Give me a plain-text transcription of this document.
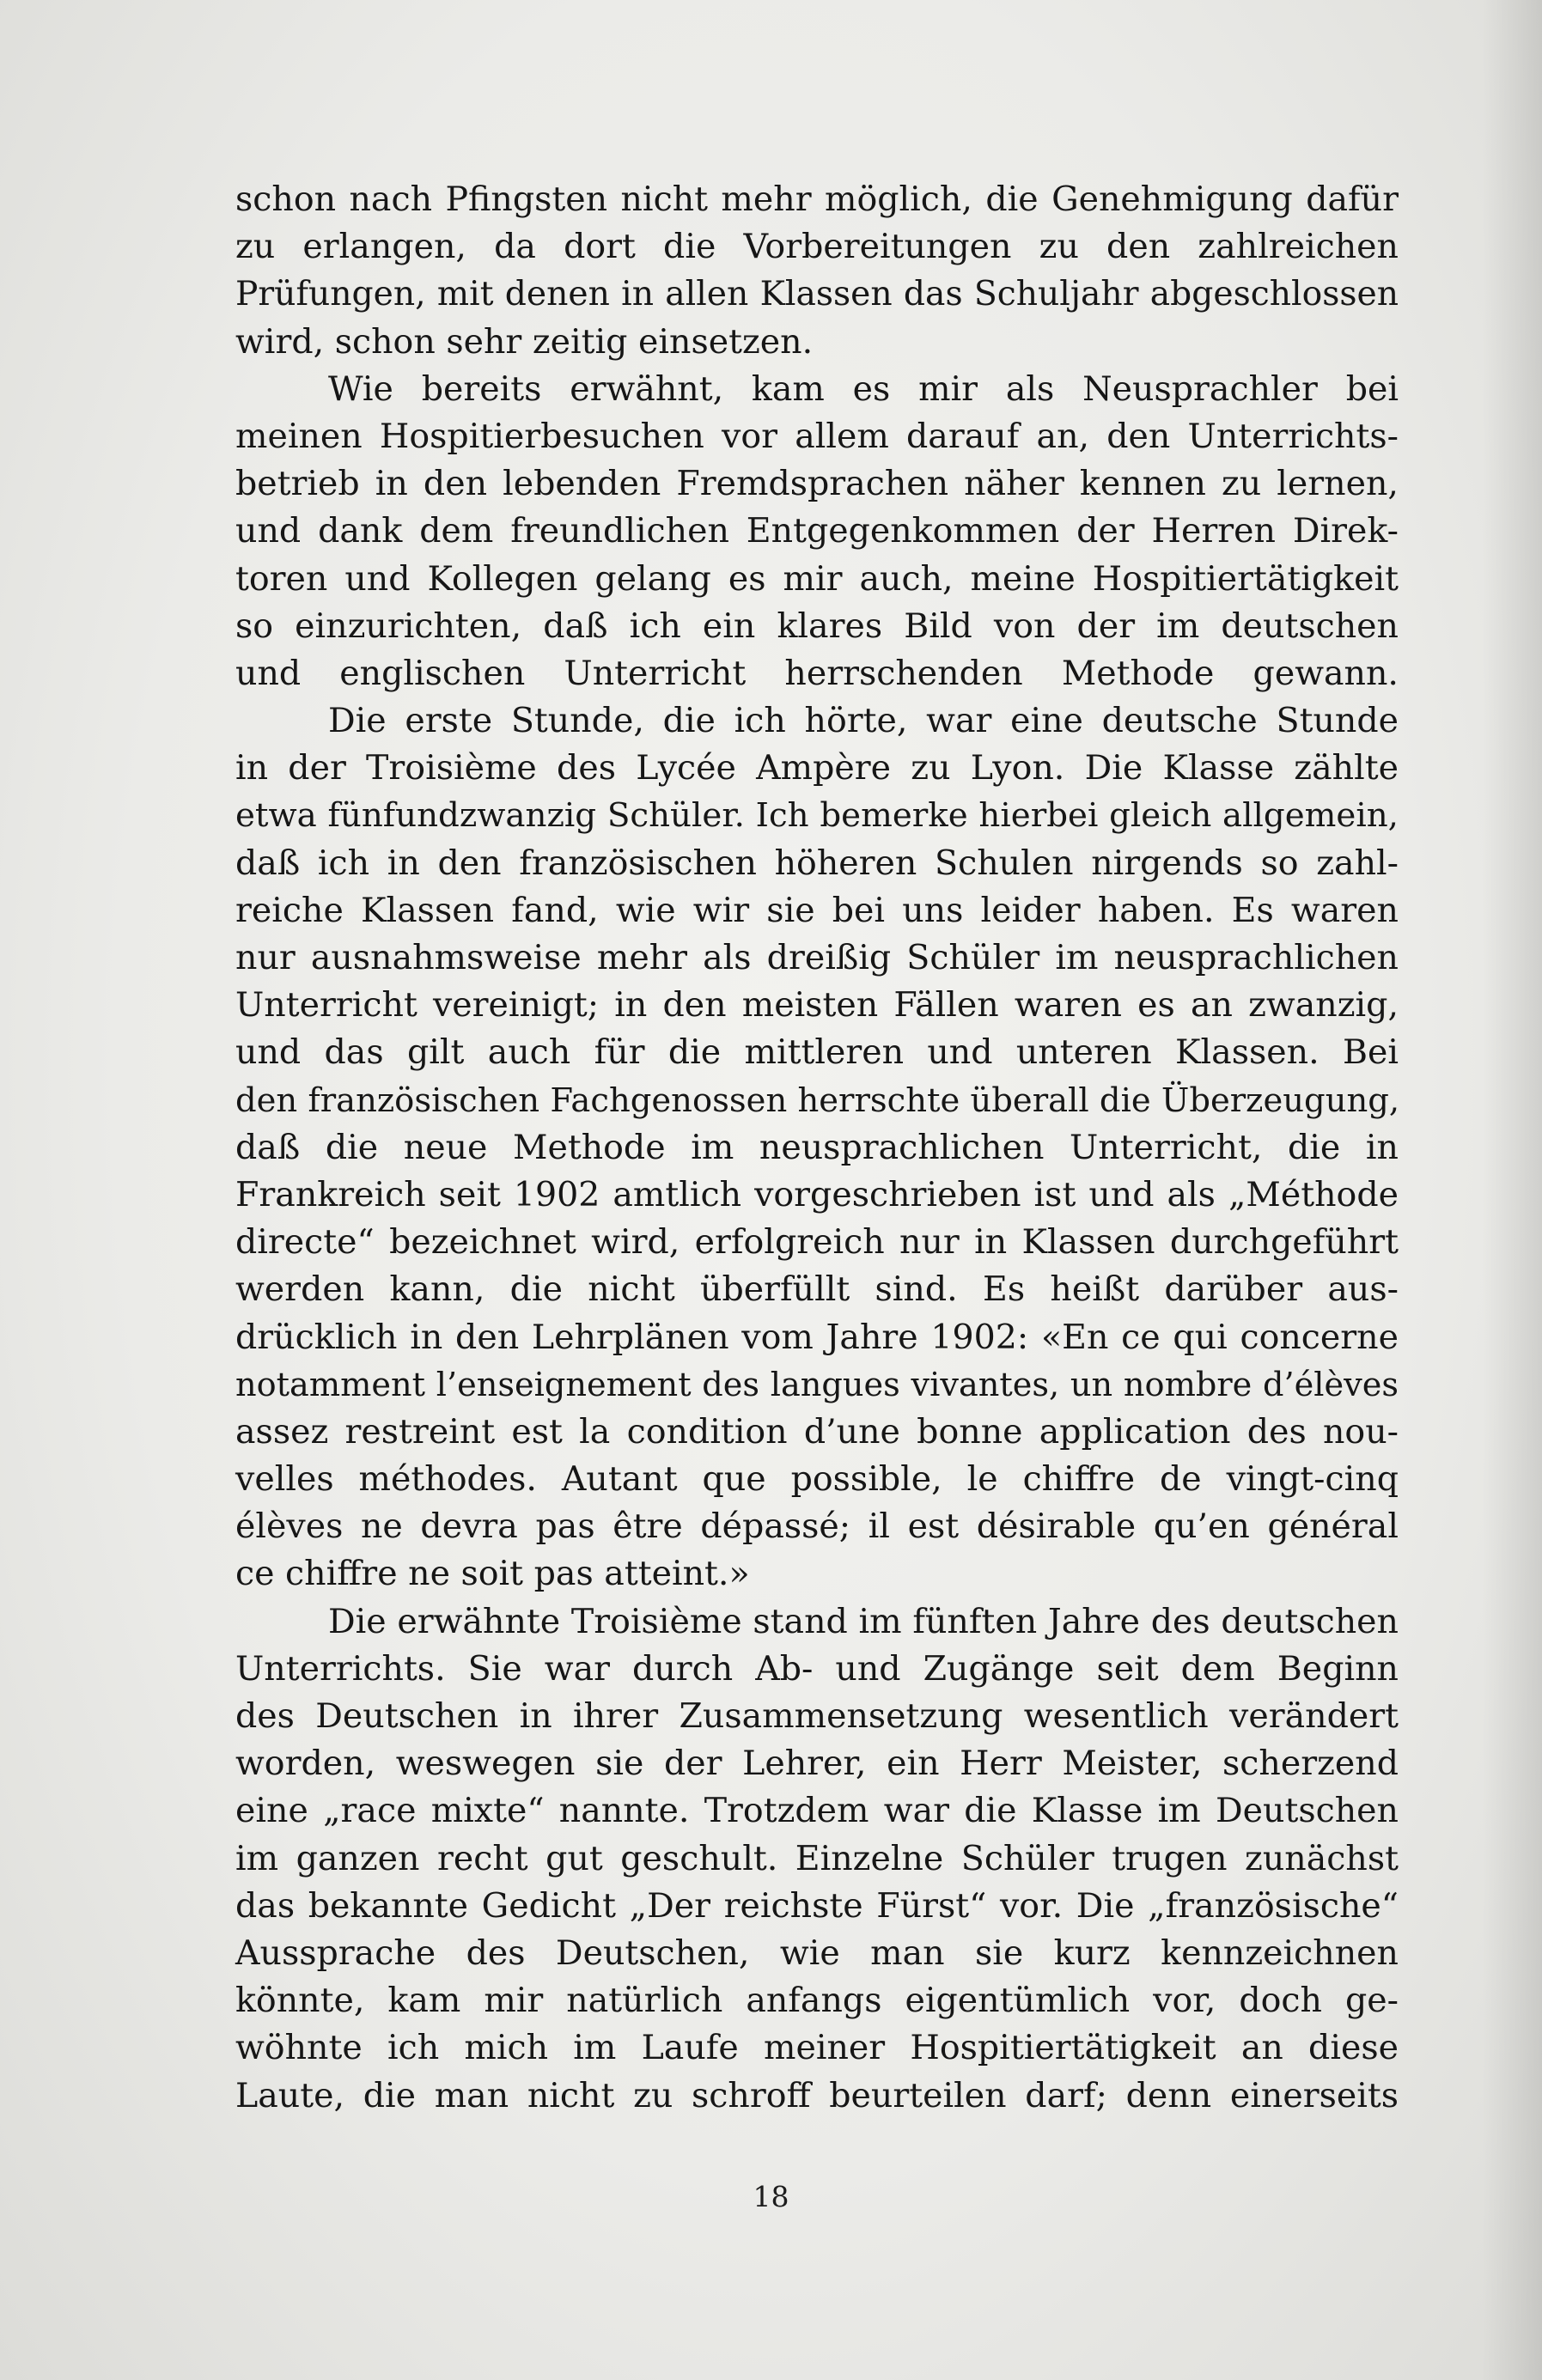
schon nach Pfingsten nicht mehr möglich, die Genehmigung dafür
zu erlangen, da dort die Vorbereitungen zu den zahlreichen
Prüfungen, mit denen in allen Klassen das Schuljahr abgeschlossen
wird, schon sehr zeitig einsetzen.
Wie bereits erwähnt, kam es mir als Neusprachler bei
meinen Hospitierbesuchen vor allem darauf an, den Unterrichts-
betrieb in den lebenden Fremdsprachen näher kennen zu lernen,
und dank dem freundlichen Entgegenkommen der Herren Direk-
toren und Kollegen gelang es mir auch, meine Hospitiertätigkeit
so einzurichten, daß ich ein klares Bild von der im deutschen
und englischen Unterricht herrschenden Methode gewann.
Die erste Stunde, die ich hörte, war eine deutsche Stunde
in der Troisième des Lycée Ampère zu Lyon. Die Klasse zählte
etwa fünfundzwanzig Schüler. Ich bemerke hierbei gleich allgemein,
daß ich in den französischen höheren Schulen nirgends so zahl-
reiche Klassen fand, wie wir sie bei uns leider haben. Es waren
nur ausnahmsweise mehr als dreißig Schüler im neusprachlichen
Unterricht vereinigt; in den meisten Fällen waren es an zwanzig,
und das gilt auch für die mittleren und unteren Klassen. Bei
den französischen Fachgenossen herrschte überall die Überzeugung,
daß die neue Methode im neusprachlichen Unterricht, die in
Frankreich seit 1902 amtlich vorgeschrieben ist und als „Méthode
directe“ bezeichnet wird, erfolgreich nur in Klassen durchgeführt
werden kann, die nicht überfüllt sind. Es heißt darüber aus-
drücklich in den Lehrplänen vom Jahre 1902: «En ce qui concerne
notamment l’enseignement des langues vivantes, un nombre d’élèves
assez restreint est la condition d’une bonne application des nou-
velles méthodes. Autant que possible, le chiffre de vingt-cinq
élèves ne devra pas être dépassé; il est désirable qu’en général
ce chiffre ne soit pas atteint.»
Die erwähnte Troisième stand im fünften Jahre des deutschen
Unterrichts. Sie war durch Ab- und Zugänge seit dem Beginn
des Deutschen in ihrer Zusammensetzung wesentlich verändert
worden, weswegen sie der Lehrer, ein Herr Meister, scherzend
eine „race mixte“ nannte. Trotzdem war die Klasse im Deutschen
im ganzen recht gut geschult. Einzelne Schüler trugen zunächst
das bekannte Gedicht „Der reichste Fürst“ vor. Die „französische“
Aussprache des Deutschen, wie man sie kurz kennzeichnen
könnte, kam mir natürlich anfangs eigentümlich vor, doch ge-
wöhnte ich mich im Laufe meiner Hospitiertätigkeit an diese
Laute, die man nicht zu schroff beurteilen darf; denn einerseits
18
